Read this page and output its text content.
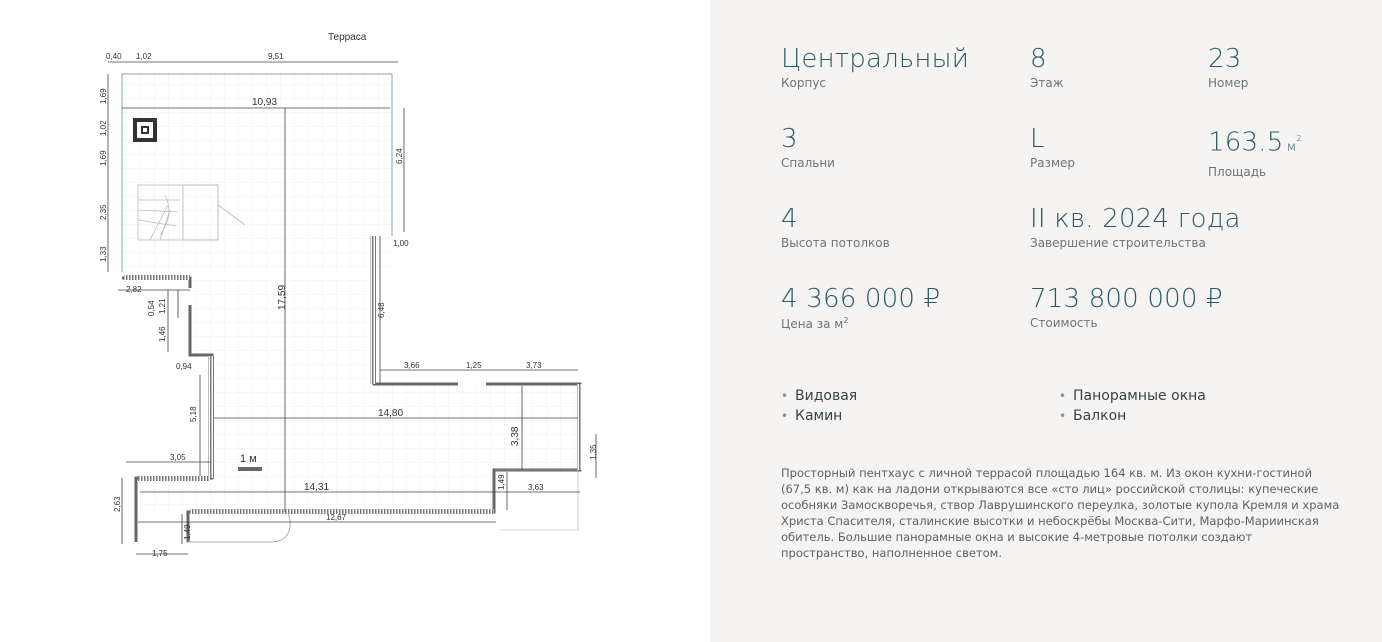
1 м
Терраса
0,40 1,02	9,51
10,93
1,69
1,02
1,69
2,35
1,33
6,24
1,00
17,59
2,82
0,54 1,21
1,46
6,48
0,94	3,66	1,25	3,73
5,18	14,80
3,38
1,35
3,05
14,31	1,49	3,63
2,63
12,67
1,49
1,75
Центральный
Корпус
8
Этаж
23
Номер
3
Спальни
L
Размер
163.5 $м^2$
Площадь
4
Высота потолков
II кв. 2024 года
Завершение строительства
4 366 000 ₽
Цена за $м^2$
713 800 000 ₽
Стоимость
• Видовая
• Камин
• Панорамные окна
• Балкон

Просторный пентхаус с личной террасой площадью 164 кв. м. Из окон кухни-гостиной (67,5 кв. м) как на ладони открываются все «сто лиц» российской столицы: купеческие особняки Замоскворечья, створ Лаврушинского переулка, золотые купола Кремля и храма Христа Спасителя, сталинские высотки и небоскрёбы Москва-Сити, Марфо-Мариинская обитель. Большие панорамные окна и высокие 4-метровые потолки создают пространство, наполненное светом.
